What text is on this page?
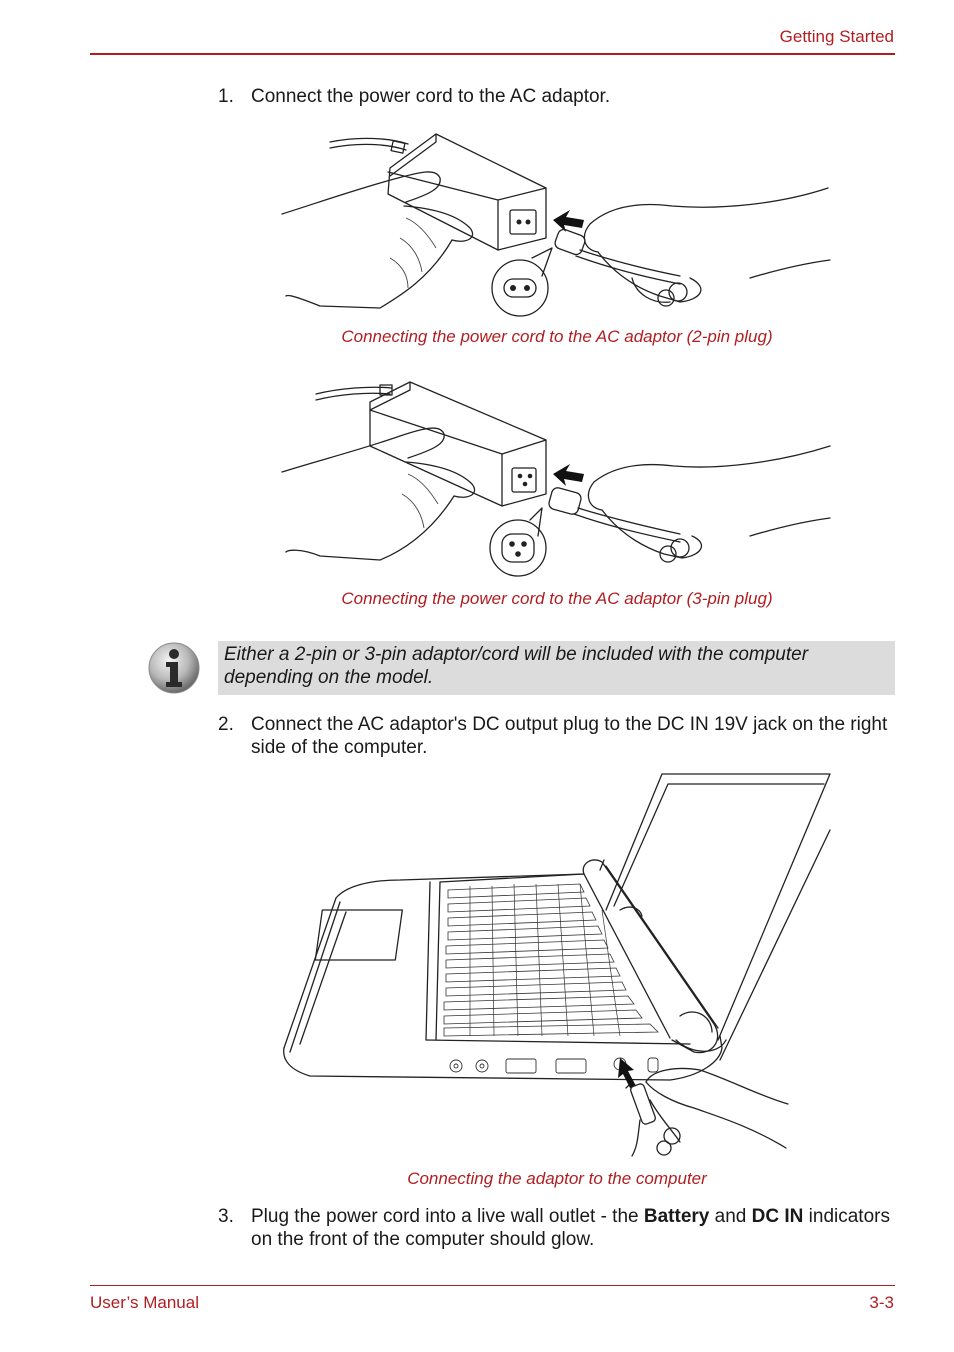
Getting Started
1. Connect the power cord to the AC adaptor.
Connecting the power cord to the AC adaptor (2-pin plug)
Connecting the power cord to the AC adaptor (3-pin plug)
Either a 2-pin or 3-pin adaptor/cord will be included with the computer depending on the model.
2. Connect the AC adaptor's DC output plug to the DC IN 19V jack on the right side of the computer.
Connecting the adaptor to the computer
3. Plug the power cord into a live wall outlet - the Battery and DC IN indicators on the front of the computer should glow.
User’s Manual	3-3
